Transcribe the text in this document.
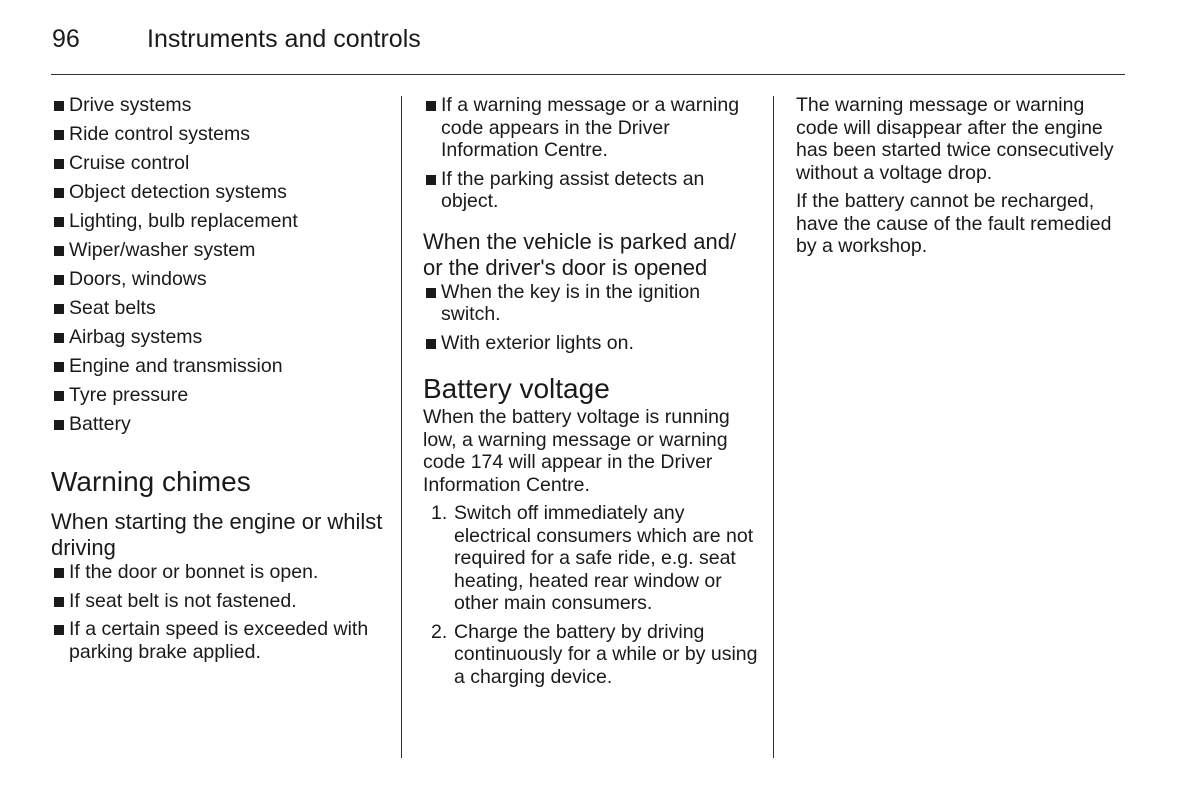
96	Instruments and controls
Drive systems
Ride control systems
Cruise control
Object detection systems
Lighting, bulb replacement
Wiper/washer system
Doors, windows
Seat belts
Airbag systems
Engine and transmission
Tyre pressure
Battery
Warning chimes
When starting the engine or whilst driving
If the door or bonnet is open.
If seat belt is not fastened.
If a certain speed is exceeded with parking brake applied.
If a warning message or a warning code appears in the Driver Information Centre.
If the parking assist detects an object.
When the vehicle is parked and/ or the driver's door is opened
When the key is in the ignition switch.
With exterior lights on.
Battery voltage

When the battery voltage is running low, a warning message or warning code 174 will appear in the Driver Information Centre.

1. Switch off immediately any electrical consumers which are not required for a safe ride, e.g. seat heating, heated rear window or other main consumers.
2. Charge the battery by driving continuously for a while or by using a charging device.

The warning message or warning code will disappear after the engine has been started twice consecutively without a voltage drop.

If the battery cannot be recharged, have the cause of the fault remedied by a workshop.
